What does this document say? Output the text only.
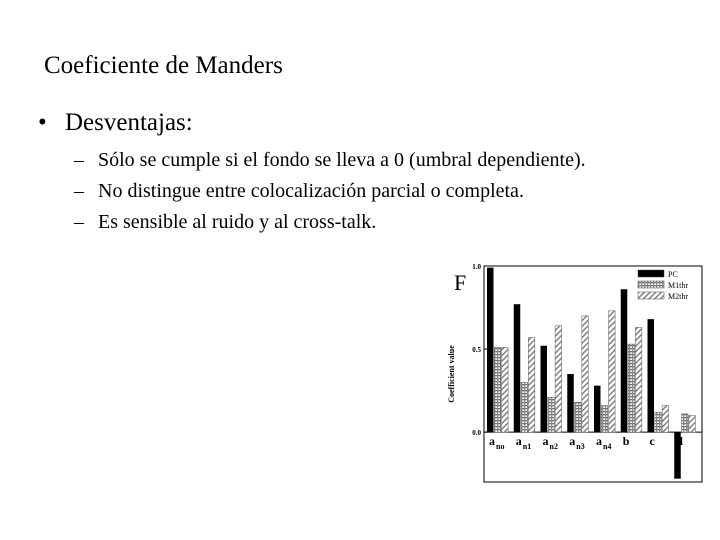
Coeficiente de Manders
• Desventajas:
– Sólo se cumple si el fondo se lleva a 0 (umbral dependiente).
– No distingue entre colocalización parcial o completa.
– Es sensible al ruido y al cross-talk.
1.0
0.5
0.0
Coefficient value
F
a no a n1 a n2 a n3 a n4 b c d
PC
M1thr
M2thr
